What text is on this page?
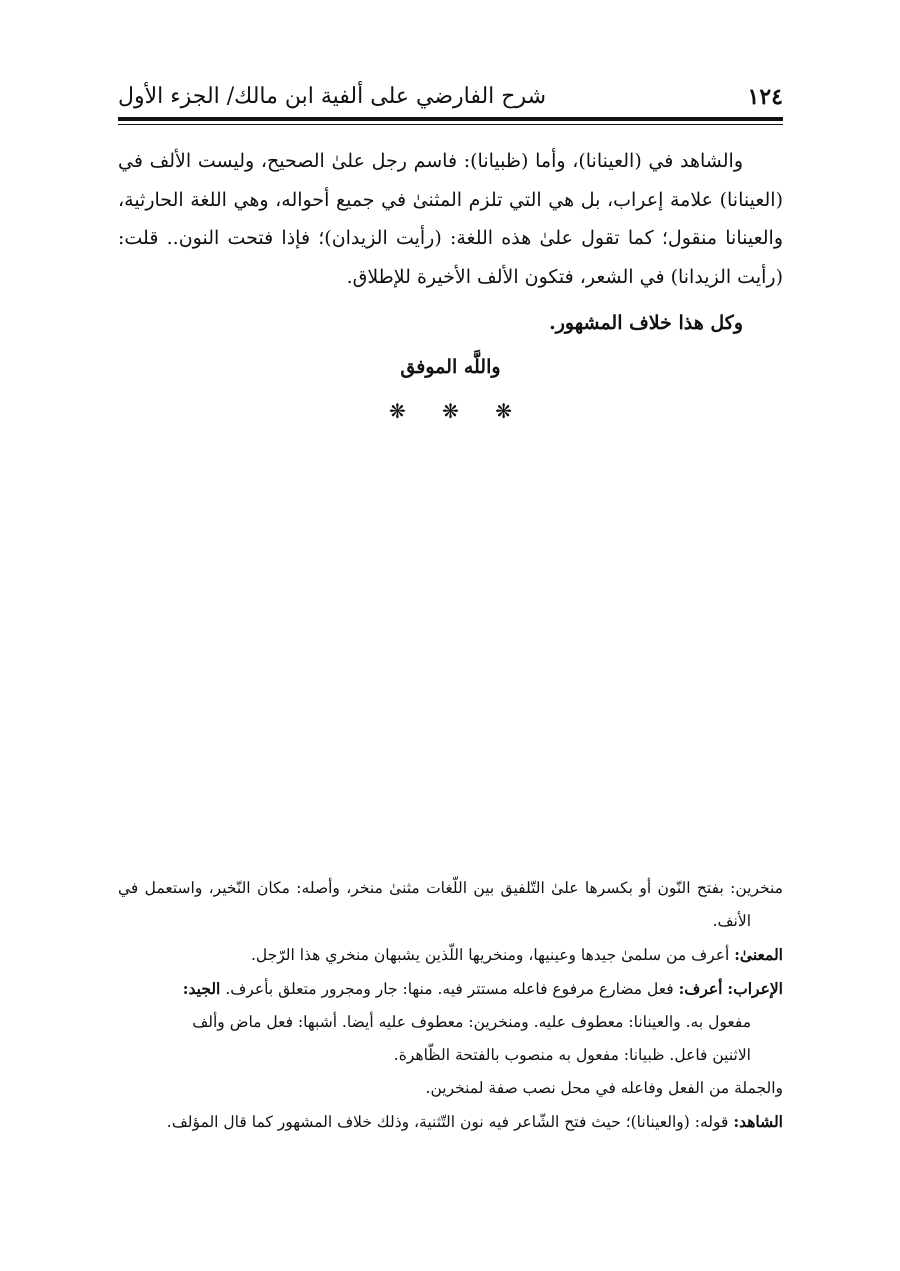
شرح الفارضي على ألفية ابن مالك/ الجزء الأول	١٢٤

والشاهد في (العينانا)، وأما (ظبيانا): فاسم رجل علىٰ الصحيح، وليست الألف في (العينانا) علامة إعراب، بل هي التي تلزم المثنىٰ في جميع أحواله، وهي اللغة الحارثية، والعينانا منقول؛ كما تقول علىٰ هذه اللغة: (رأيت الزيدان)؛ فإذا فتحت النون.. قلت: (رأيت الزيدانا) في الشعر، فتكون الألف الأخيرة للإطلاق.

وكل هذا خلاف المشهور.
واللَّه الموفق
❋ ❋ ❋

منخرين: بفتح النّون أو بكسرها علىٰ التّلفيق بين اللّغات مثنىٰ منخر، وأصله: مكان النّخير، واستعمل في الأنف.

المعنىٰ: أعرف من سلمىٰ جيدها وعينيها، ومنخريها اللّذين يشبهان منخري هذا الرّجل.

الإعراب: أعرف: فعل مضارع مرفوع فاعله مستتر فيه. منها: جار ومجرور متعلق بأعرف. الجيد:

مفعول به. والعينانا: معطوف عليه. ومنخرين: معطوف عليه أيضا. أشبها: فعل ماض وألف

الاثنين فاعل. ظبيانا: مفعول به منصوب بالفتحة الظّاهرة.

والجملة من الفعل وفاعله في محل نصب صفة لمنخرين.

الشاهد: قوله: (والعينانا)؛ حيث فتح الشّاعر فيه نون التّثنية، وذلك خلاف المشهور كما قال المؤلف.
